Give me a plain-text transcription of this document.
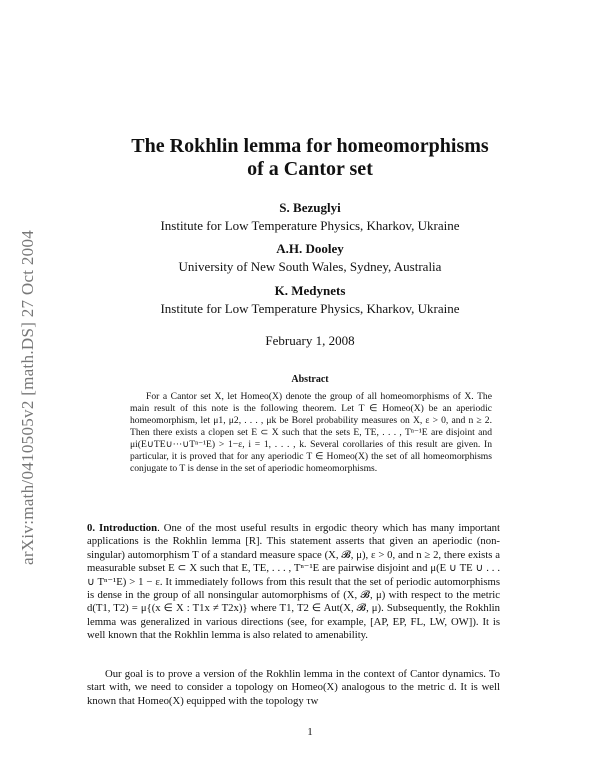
arXiv:math/0410505v2 [math.DS] 27 Oct 2004
The Rokhlin lemma for homeomorphisms
of a Cantor set
S. Bezuglyi
Institute for Low Temperature Physics, Kharkov, Ukraine
A.H. Dooley
University of New South Wales, Sydney, Australia
K. Medynets
Institute for Low Temperature Physics, Kharkov, Ukraine
February 1, 2008
Abstract

For a Cantor set X, let Homeo(X) denote the group of all homeomorphisms of X. The main result of this note is the following theorem. Let T ∈ Homeo(X) be an aperiodic homeomorphism, let μ1, μ2, . . . , μk be Borel probability measures on X, ε > 0, and n ≥ 2. Then there exists a clopen set E ⊂ X such that the sets E, TE, . . . , Tⁿ⁻¹E are disjoint and μi(E∪TE∪···∪Tⁿ⁻¹E) > 1−ε, i = 1, . . . , k. Several corollaries of this result are given. In particular, it is proved that for any aperiodic T ∈ Homeo(X) the set of all homeomorphisms conjugate to T is dense in the set of aperiodic homeomorphisms.

0. Introduction. One of the most useful results in ergodic theory which has many important applications is the Rokhlin lemma [R]. This statement asserts that given an aperiodic (non-singular) automorphism T of a standard measure space (X, 𝓑, μ), ε > 0, and n ≥ 2, there exists a measurable subset E ⊂ X such that E, TE, . . . , Tⁿ⁻¹E are pairwise disjoint and μ(E ∪ TE ∪ . . . ∪ Tⁿ⁻¹E) > 1 − ε. It immediately follows from this result that the set of periodic automorphisms is dense in the group of all nonsingular automorphisms of (X, 𝓑, μ) with respect to the metric d(T1, T2) = μ{(x ∈ X : T1x ≠ T2x)} where T1, T2 ∈ Aut(X, 𝓑, μ). Subsequently, the Rokhlin lemma was generalized in various directions (see, for example, [AP, EP, FL, LW, OW]). It is well known that the Rokhlin lemma is also related to amenability.

Our goal is to prove a version of the Rokhlin lemma in the context of Cantor dynamics. To start with, we need to consider a topology on Homeo(X) analogous to the metric d. It is well known that Homeo(X) equipped with the topology τw

1
